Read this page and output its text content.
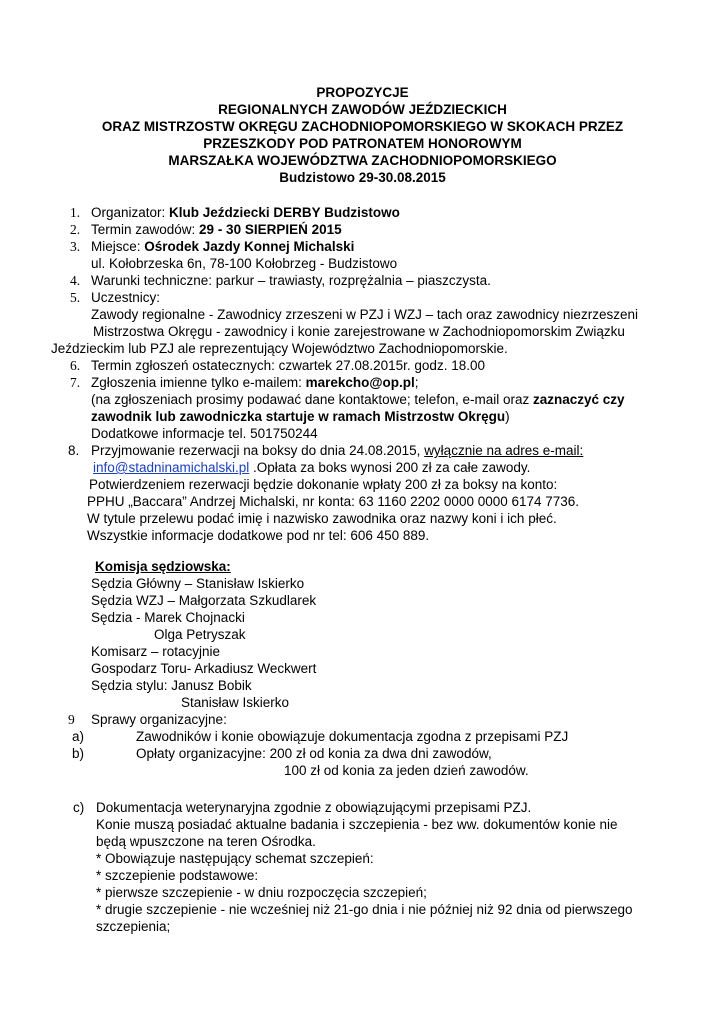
PROPOZYCJE
REGIONALNYCH ZAWODÓW JEŹDZIECKICH
ORAZ MISTRZOSTW OKRĘGU ZACHODNIOPOMORSKIEGO W SKOKACH PRZEZ
PRZESZKODY POD PATRONATEM HONOROWYM
MARSZAŁKA WOJEWÓDZTWA ZACHODNIOPOMORSKIEGO
Budzistowo 29-30.08.2015
1. Organizator: Klub Jeździecki DERBY Budzistowo
2. Termin zawodów: 29 - 30 SIERPIEŃ 2015
3. Miejsce: Ośrodek Jazdy Konnej Michalski
ul. Kołobrzeska 6n, 78-100 Kołobrzeg - Budzistowo
4. Warunki techniczne: parkur – trawiasty, rozprężalnia – piaszczysta.
5. Uczestnicy:
Zawody regionalne - Zawodnicy zrzeszeni w PZJ i WZJ – tach oraz zawodnicy niezrzeszeni
Mistrzostwa Okręgu - zawodnicy i konie zarejestrowane w Zachodniopomorskim Związku
Jeździeckim lub PZJ ale reprezentujący Województwo Zachodniopomorskie.
6. Termin zgłoszeń ostatecznych: czwartek 27.08.2015r. godz. 18.00
7. Zgłoszenia imienne tylko e-mailem: marekcho@op.pl;
(na zgłoszeniach prosimy podawać dane kontaktowe; telefon, e-mail oraz zaznaczyć czy
zawodnik lub zawodniczka startuje w ramach Mistrzostw Okręgu)
Dodatkowe informacje tel. 501750244
8. Przyjmowanie rezerwacji na boksy do dnia 24.08.2015, wyłącznie na adres e-mail:
info@stadninamichalski.pl .Opłata za boks wynosi 200 zł za całe zawody.
Potwierdzeniem rezerwacji będzie dokonanie wpłaty 200 zł za boksy na konto:
PPHU „Baccara” Andrzej Michalski, nr konta: 63 1160 2202 0000 0000 6174 7736.
W tytule przelewu podać imię i nazwisko zawodnika oraz nazwy koni i ich płeć.
Wszystkie informacje dodatkowe pod nr tel: 606 450 889.
Komisja sędziowska:
Sędzia Główny – Stanisław Iskierko
Sędzia WZJ – Małgorzata Szkudlarek
Sędzia - Marek Chojnacki
Olga Petryszak
Komisarz – rotacyjnie
Gospodarz Toru- Arkadiusz Weckwert
Sędzia stylu: Janusz Bobik
Stanisław Iskierko
9 Sprawy organizacyjne:
a)	Zawodników i konie obowiązuje dokumentacja zgodna z przepisami PZJ
b)	Opłaty organizacyjne: 200 zł od konia za dwa dni zawodów,
100 zł od konia za jeden dzień zawodów.
c) Dokumentacja weterynaryjna zgodnie z obowiązującymi przepisami PZJ.
Konie muszą posiadać aktualne badania i szczepienia - bez ww. dokumentów konie nie
będą wpuszczone na teren Ośrodka.
* Obowiązuje następujący schemat szczepień:
* szczepienie podstawowe:
* pierwsze szczepienie - w dniu rozpoczęcia szczepień;
* drugie szczepienie - nie wcześniej niż 21-go dnia i nie później niż 92 dnia od pierwszego
szczepienia;
